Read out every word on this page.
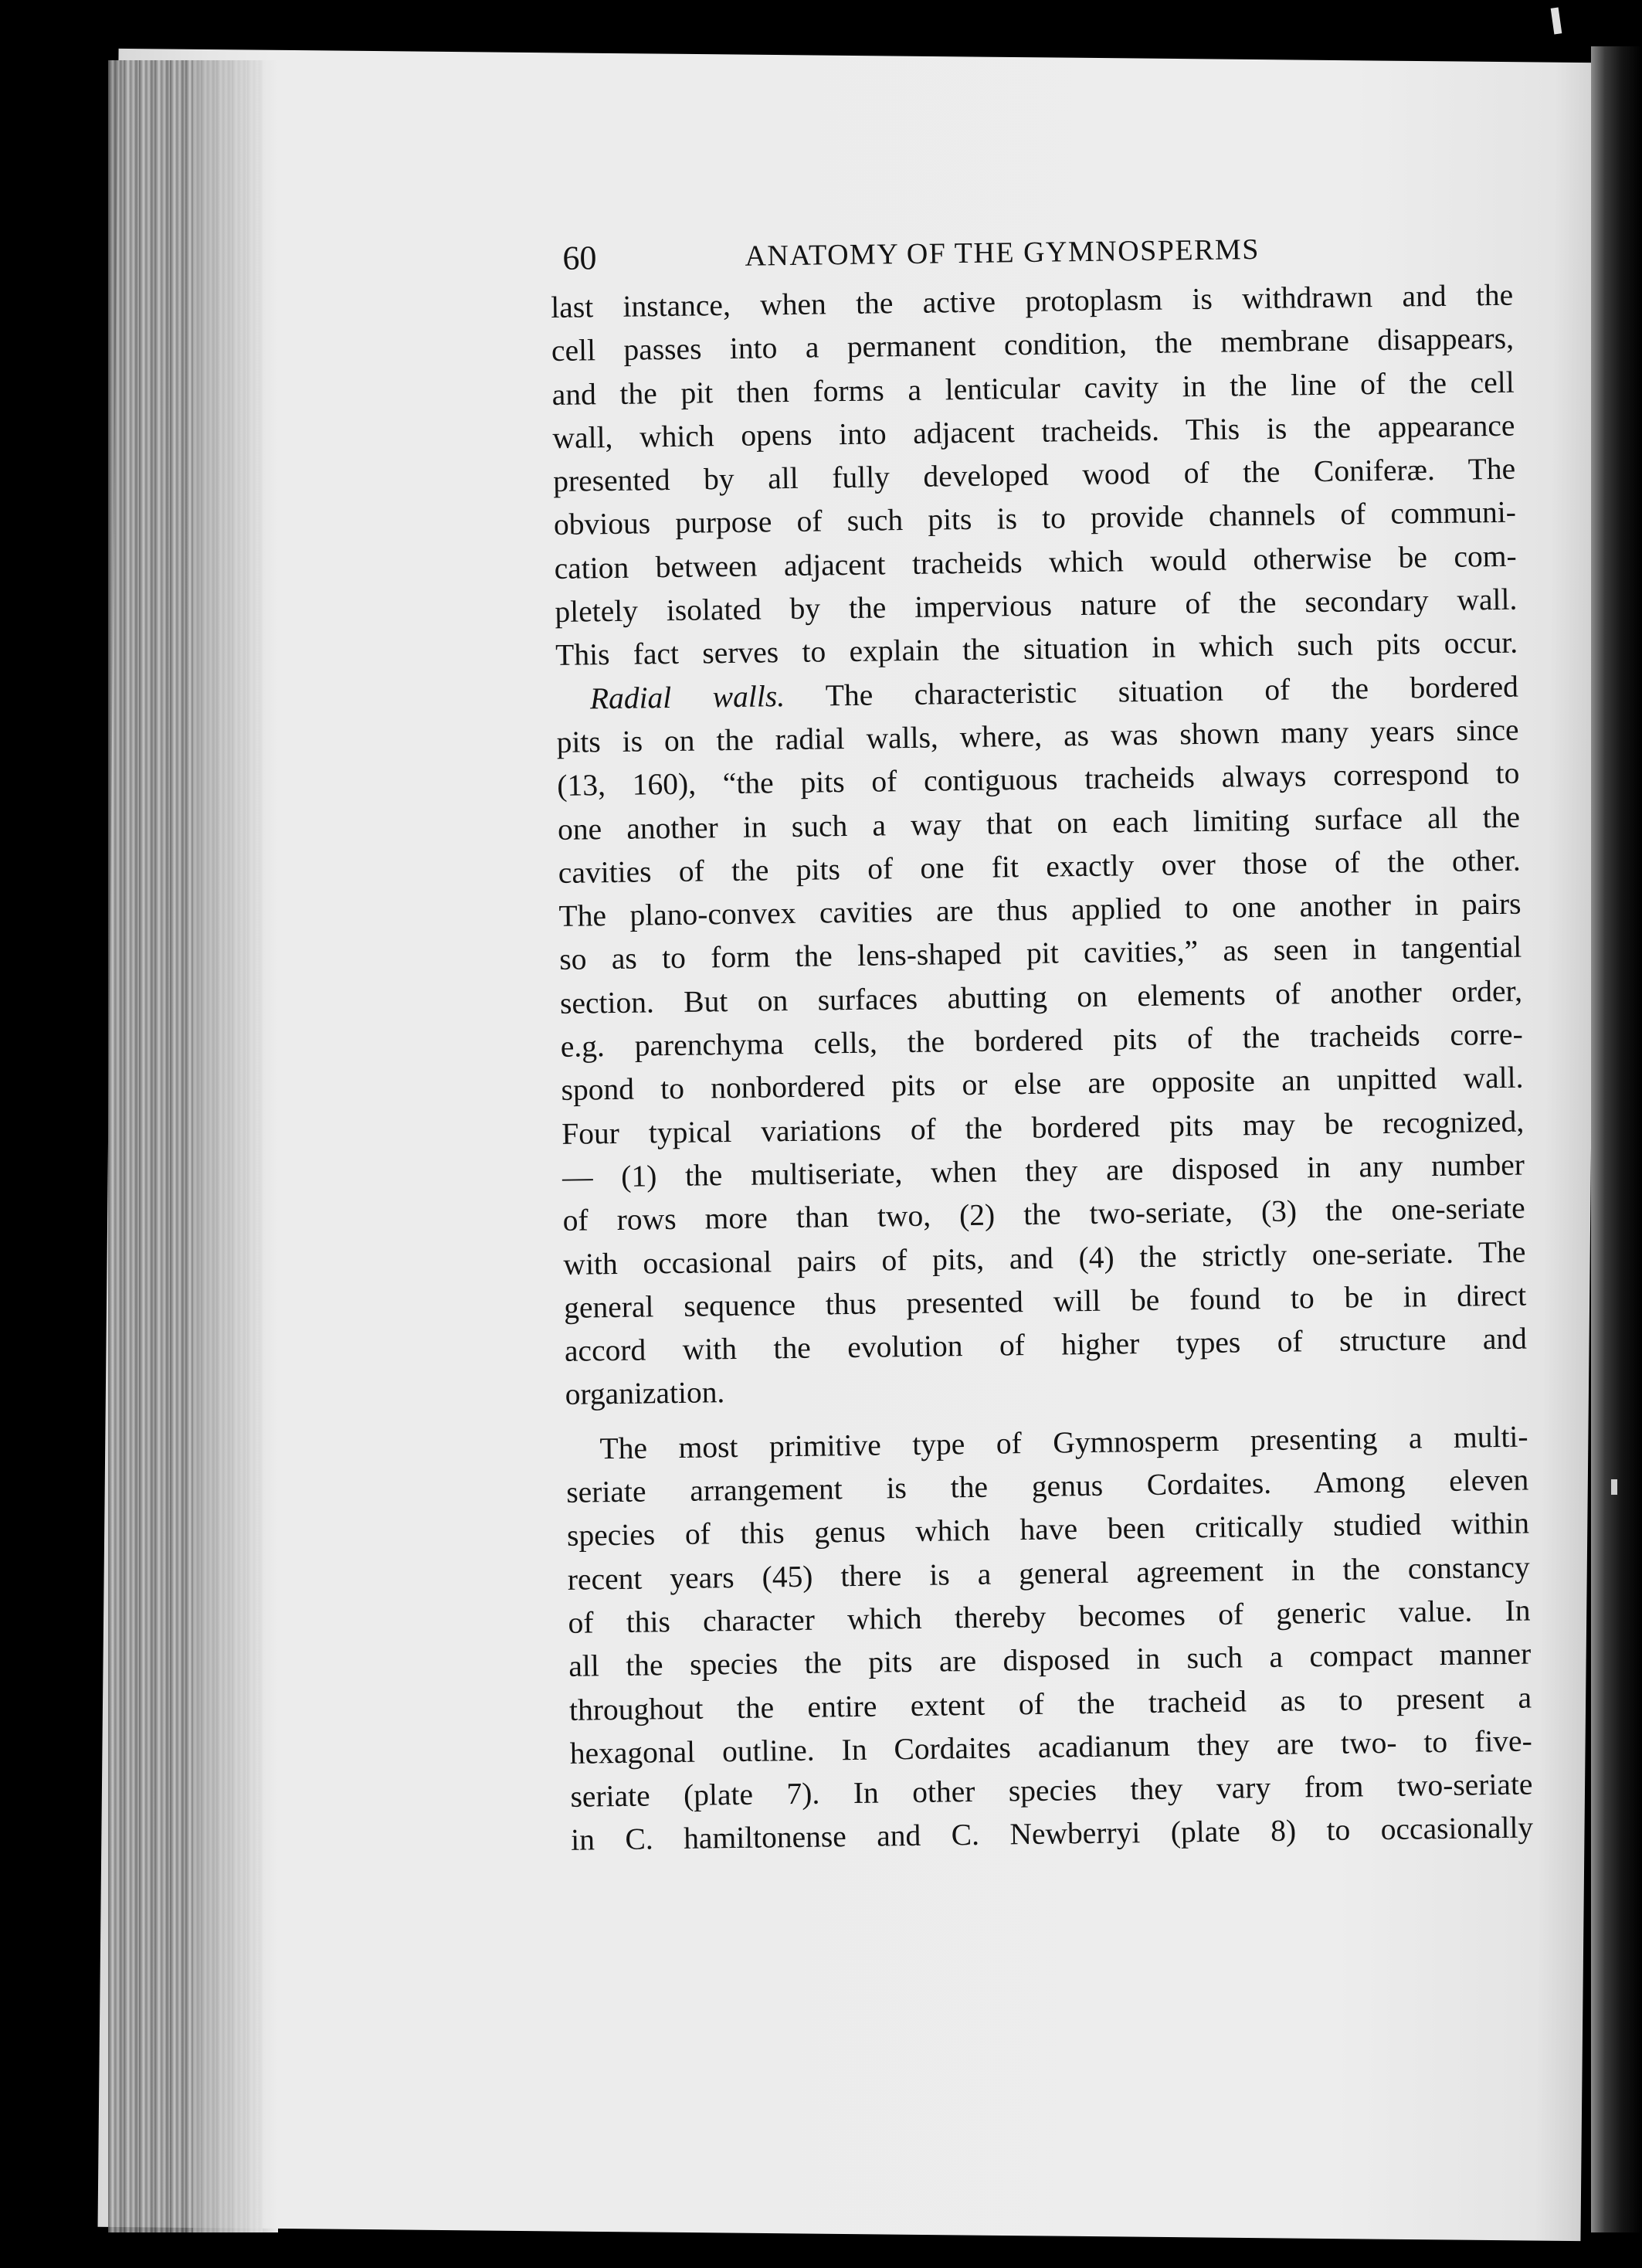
60	ANATOMY OF THE GYMNOSPERMS
last instance, when the active protoplasm is withdrawn and the
cell passes into a permanent condition, the membrane disappears,
and the pit then forms a lenticular cavity in the line of the cell
wall, which opens into adjacent tracheids. This is the appearance
presented by all fully developed wood of the Coniferæ. The
obvious purpose of such pits is to provide channels of communi-
cation between adjacent tracheids which would otherwise be com-
pletely isolated by the impervious nature of the secondary wall.
This fact serves to explain the situation in which such pits occur.
Radial walls. The characteristic situation of the bordered
pits is on the radial walls, where, as was shown many years since
(13, 160), “the pits of contiguous tracheids always correspond to
one another in such a way that on each limiting surface all the
cavities of the pits of one fit exactly over those of the other.
The plano-convex cavities are thus applied to one another in pairs
so as to form the lens-shaped pit cavities,” as seen in tangential
section. But on surfaces abutting on elements of another order,
e.g. parenchyma cells, the bordered pits of the tracheids corre-
spond to nonbordered pits or else are opposite an unpitted wall.
Four typical variations of the bordered pits may be recognized,
— (1) the multiseriate, when they are disposed in any number
of rows more than two, (2) the two-seriate, (3) the one-seriate
with occasional pairs of pits, and (4) the strictly one-seriate. The
general sequence thus presented will be found to be in direct
accord with the evolution of higher types of structure and
organization.
The most primitive type of Gymnosperm presenting a multi-
seriate arrangement is the genus Cordaites. Among eleven
species of this genus which have been critically studied within
recent years (45) there is a general agreement in the constancy
of this character which thereby becomes of generic value. In
all the species the pits are disposed in such a compact manner
throughout the entire extent of the tracheid as to present a
hexagonal outline. In Cordaites acadianum they are two- to five-
seriate (plate 7). In other species they vary from two-seriate
in C. hamiltonense and C. Newberryi (plate 8) to occasionally
